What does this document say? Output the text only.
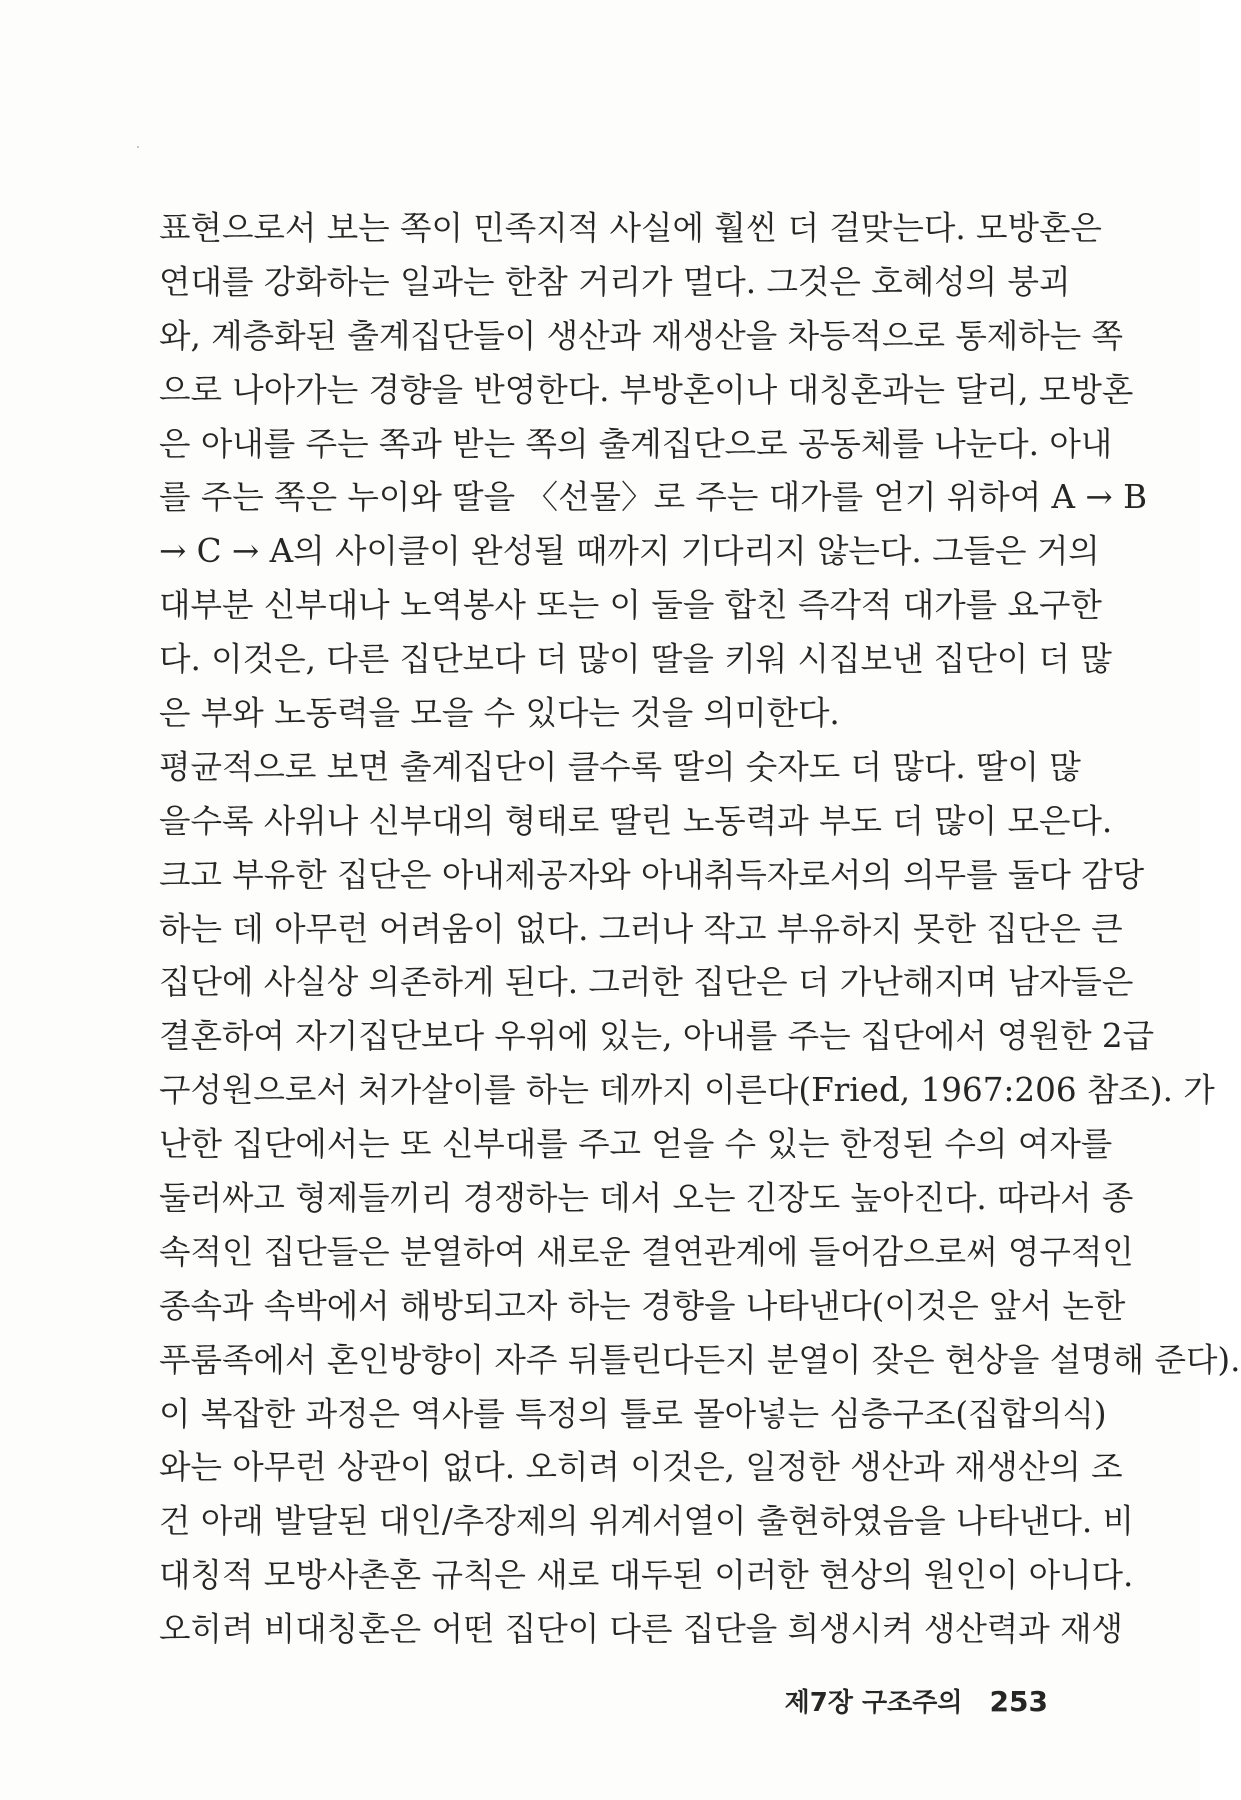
표현으로서 보는 쪽이 민족지적 사실에 훨씬 더 걸맞는다. 모방혼은
연대를 강화하는 일과는 한참 거리가 멀다. 그것은 호혜성의 붕괴
와, 계층화된 출계집단들이 생산과 재생산을 차등적으로 통제하는 쪽
으로 나아가는 경향을 반영한다. 부방혼이나 대칭혼과는 달리, 모방혼
은 아내를 주는 쪽과 받는 쪽의 출계집단으로 공동체를 나눈다. 아내
를 주는 쪽은 누이와 딸을 〈선물〉로 주는 대가를 얻기 위하여 A → B
→ C → A의 사이클이 완성될 때까지 기다리지 않는다. 그들은 거의
대부분 신부대나 노역봉사 또는 이 둘을 합친 즉각적 대가를 요구한
다. 이것은, 다른 집단보다 더 많이 딸을 키워 시집보낸 집단이 더 많
은 부와 노동력을 모을 수 있다는 것을 의미한다.
평균적으로 보면 출계집단이 클수록 딸의 숫자도 더 많다. 딸이 많
을수록 사위나 신부대의 형태로 딸린 노동력과 부도 더 많이 모은다.
크고 부유한 집단은 아내제공자와 아내취득자로서의 의무를 둘다 감당
하는 데 아무런 어려움이 없다. 그러나 작고 부유하지 못한 집단은 큰
집단에 사실상 의존하게 된다. 그러한 집단은 더 가난해지며 남자들은
결혼하여 자기집단보다 우위에 있는, 아내를 주는 집단에서 영원한 2급
구성원으로서 처가살이를 하는 데까지 이른다(Fried, 1967:206 참조). 가
난한 집단에서는 또 신부대를 주고 얻을 수 있는 한정된 수의 여자를
둘러싸고 형제들끼리 경쟁하는 데서 오는 긴장도 높아진다. 따라서 종
속적인 집단들은 분열하여 새로운 결연관계에 들어감으로써 영구적인
종속과 속박에서 해방되고자 하는 경향을 나타낸다(이것은 앞서 논한
푸룸족에서 혼인방향이 자주 뒤틀린다든지 분열이 잦은 현상을 설명해 준다).
이 복잡한 과정은 역사를 특정의 틀로 몰아넣는 심층구조(집합의식)
와는 아무런 상관이 없다. 오히려 이것은, 일정한 생산과 재생산의 조
건 아래 발달된 대인/추장제의 위계서열이 출현하였음을 나타낸다. 비
대칭적 모방사촌혼 규칙은 새로 대두된 이러한 현상의 원인이 아니다.
오히려 비대칭혼은 어떤 집단이 다른 집단을 희생시켜 생산력과 재생
제7장 구조주의 253
